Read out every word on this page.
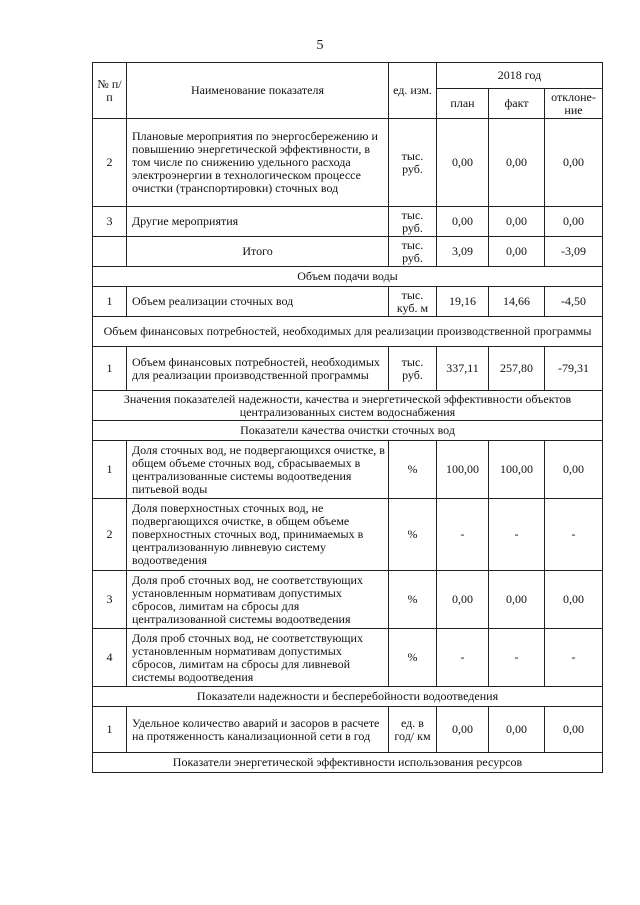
5
№ п/п	Наименование показателя	ед. изм.	2018 год		
			план	факт	отклоне-ние
2	Плановые мероприятия по энергосбережению и повышению энергетической эффективности, в том числе по снижению удельного расхода электроэнергии в технологическом процессе очистки (транспортировки) сточных вод	тыс. руб.	0,00	0,00	0,00
3	Другие мероприятия	тыс. руб.	0,00	0,00	0,00
	Итого	тыс. руб.	3,09	0,00	-3,09
Объем подачи воды					
1	Объем реализации сточных вод	тыс. куб. м	19,16	14,66	-4,50
Объем финансовых потребностей, необходимых для реализации производственной программы					
1	Объем финансовых потребностей, необходимых для реализации производственной программы	тыс. руб.	337,11	257,80	-79,31
Значения показателей надежности, качества и энергетической эффективности объектов централизованных систем водоснабжения					
Показатели качества очистки сточных вод					
1	Доля сточных вод, не подвергающихся очистке, в общем объеме сточных вод, сбрасываемых в централизованные системы водоотведения питьевой воды	%	100,00	100,00	0,00
2	Доля поверхностных сточных вод, не подвергающихся очистке, в общем объеме поверхностных сточных вод, принимаемых в централизованную ливневую систему водоотведения	%	-	-	-
3	Доля проб сточных вод, не соответствующих установленным нормативам допустимых сбросов, лимитам на сбросы для централизованной системы водоотведения	%	0,00	0,00	0,00
4	Доля проб сточных вод, не соответствующих установленным нормативам допустимых сбросов, лимитам на сбросы для ливневой системы водоотведения	%	-	-	-
Показатели надежности и бесперебойности водоотведения					
1	Удельное количество аварий и засоров в расчете на протяженность канализационной сети в год	ед. в год/ км	0,00	0,00	0,00
Показатели энергетической эффективности использования ресурсов					
